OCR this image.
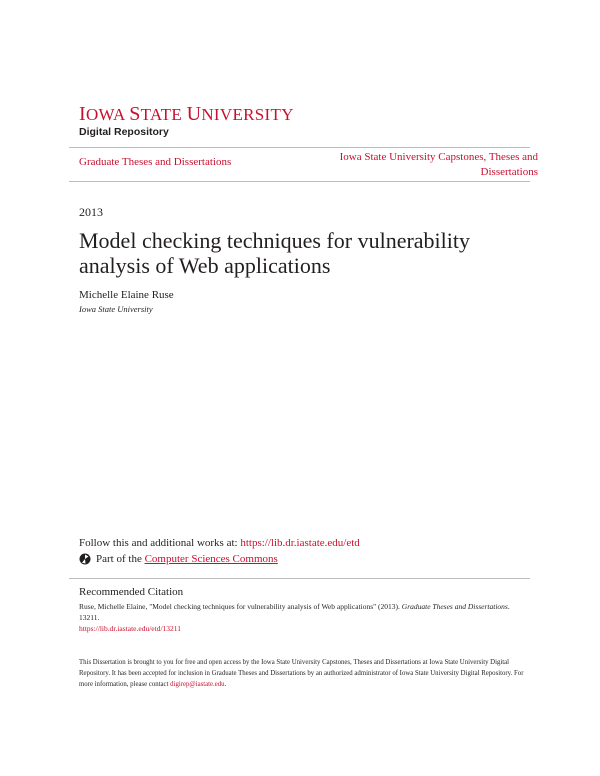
IOWA STATE UNIVERSITY
Digital Repository
Graduate Theses and Dissertations	Iowa State University Capstones, Theses and Dissertations
2013
Model checking techniques for vulnerability analysis of Web applications
Michelle Elaine Ruse
Iowa State University
Follow this and additional works at: https://lib.dr.iastate.edu/etd
Part of the
Computer Sciences Commons
Recommended Citation
Ruse, Michelle Elaine, "Model checking techniques for vulnerability analysis of Web applications" (2013). Graduate Theses and Dissertations. 13211.
https://lib.dr.iastate.edu/etd/13211
This Dissertation is brought to you for free and open access by the Iowa State University Capstones, Theses and Dissertations at Iowa State University Digital Repository. It has been accepted for inclusion in Graduate Theses and Dissertations by an authorized administrator of Iowa State University Digital Repository. For more information, please contact digirep@iastate.edu.
